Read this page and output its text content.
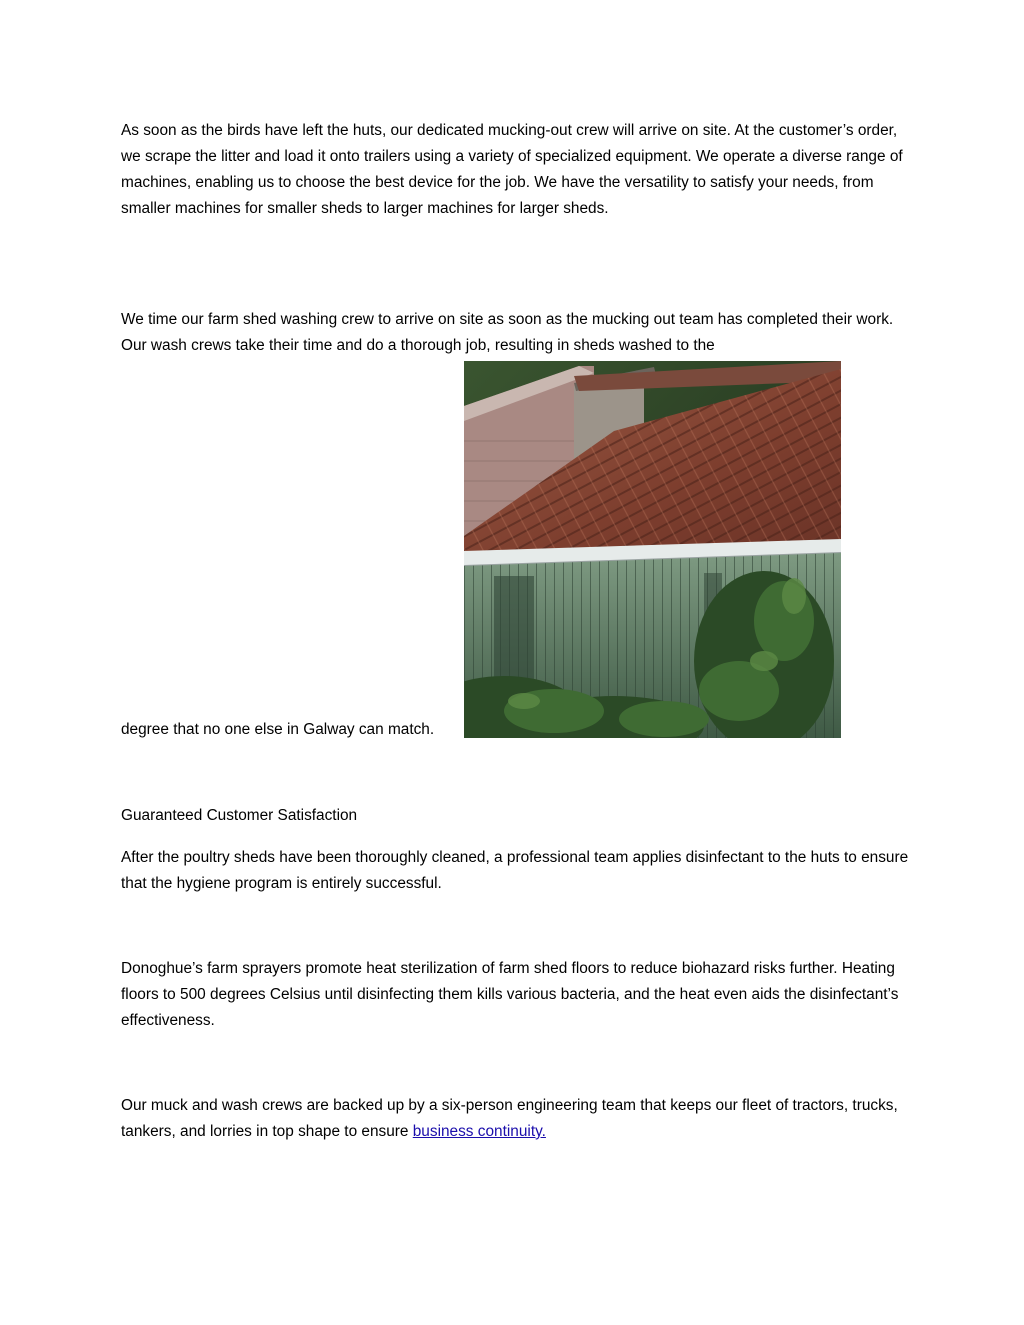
As soon as the birds have left the huts, our dedicated mucking-out crew will arrive on site. At the customer’s order, we scrape the litter and load it onto trailers using a variety of specialized equipment. We operate a diverse range of machines, enabling us to choose the best device for the job. We have the versatility to satisfy your needs, from smaller machines for smaller sheds to larger machines for larger sheds.

We time our farm shed washing crew to arrive on site as soon as the mucking out team has completed their work. Our wash crews take their time and do a thorough job, resulting in sheds washed to the

degree that no one else in Galway can match.

Guaranteed Customer Satisfaction

After the poultry sheds have been thoroughly cleaned, a professional team applies disinfectant to the huts to ensure that the hygiene program is entirely successful.

Donoghue’s farm sprayers promote heat sterilization of farm shed floors to reduce biohazard risks further. Heating floors to 500 degrees Celsius until disinfecting them kills various bacteria, and the heat even aids the disinfectant’s effectiveness.

Our muck and wash crews are backed up by a six-person engineering team that keeps our fleet of tractors, trucks, tankers, and lorries in top shape to ensure business continuity.
